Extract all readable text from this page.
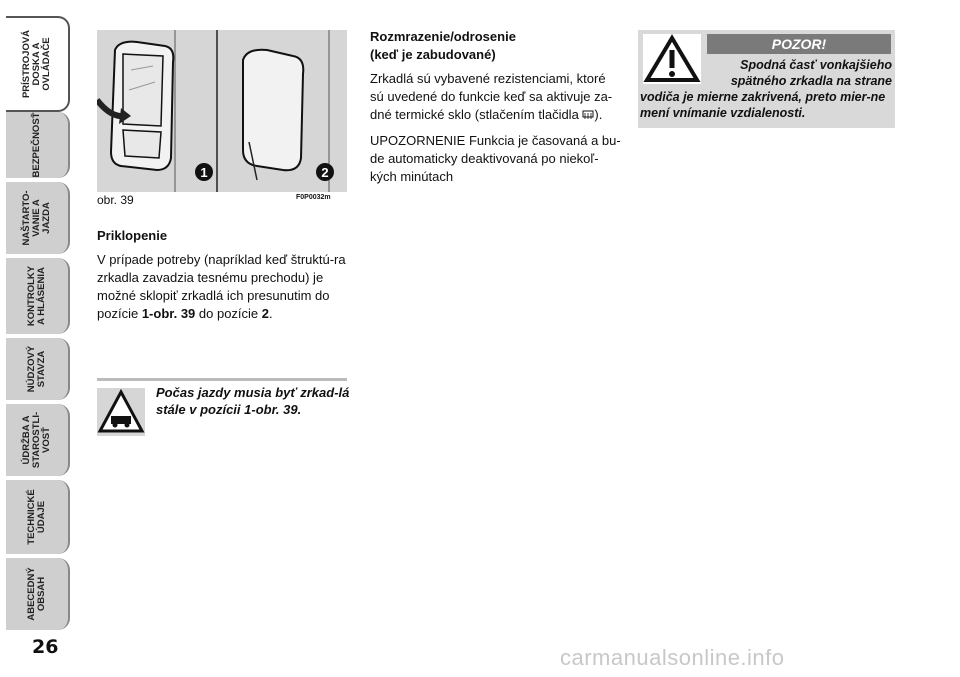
PRÍSTROJOVÁ
DOSKA A
OVLÁDAČE
BEZPEČNOSŤ
NAŠTARTO-
VANIE A
JAZDA
KONTROLKY
A HLÁSENIA
NÚDZOVÝ
STAVZA
ÚDRŽBA A
STAROSTLI-
VOSŤ
TECHNICKÉ
ÚDAJE
ABECEDNÝ
OBSAH
26
1	2
obr. 39	F0P0032m

Priklopenie

V prípade potreby (napríklad keď štruktú-ra zrkadla zavadzia tesnému prechodu) je možné sklopiť zrkadlá ich presunutim do pozície 1-obr. 39 do pozície 2.

Počas jazdy musia byť zrkad-lá stále v pozícii 1-obr. 39.

Rozmrazenie/odrosenie
(keď je zabudované)

Zrkadlá sú vybavené rezistenciami, ktoré sú uvedené do funkcie keď sa aktivuje za-dné termické sklo (stlačením tlačidla ).

UPOZORNENIE Funkcia je časovaná a bu-de automaticky deaktivovaná po niekoľ-kých minútach

POZOR!
Spodná časť vonkajšieho spätného zrkadla na strane
vodiča je mierne zakrivená, preto mier-ne mení vnímanie vzdialenosti.
carmanualsonline.info
